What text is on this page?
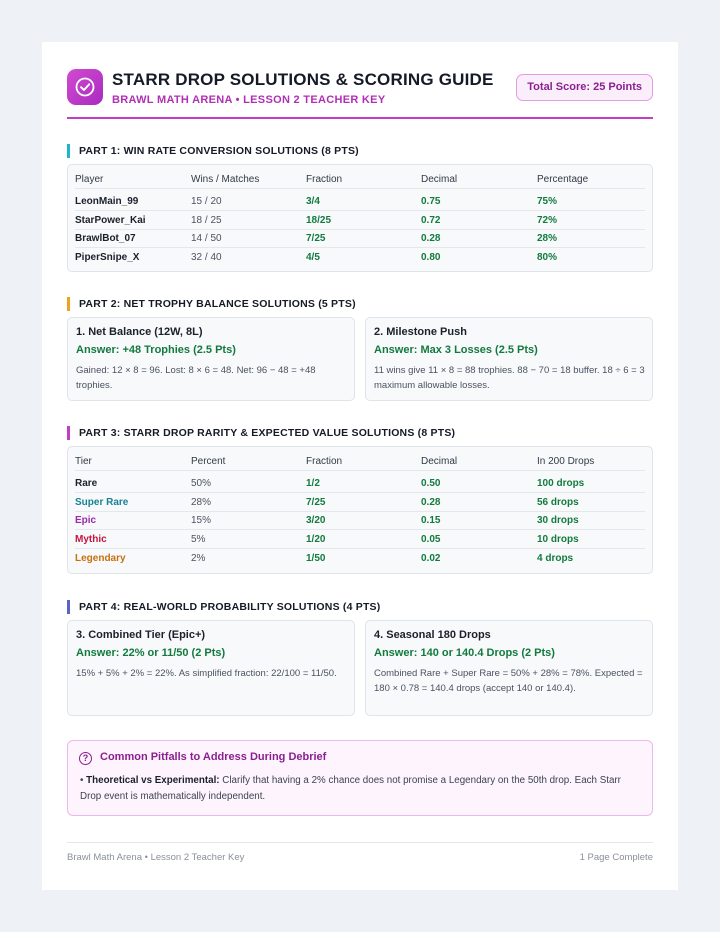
STARR DROP SOLUTIONS & SCORING GUIDE
BRAWL MATH ARENA • LESSON 2 TEACHER KEY
Total Score: 25 Points
PART 1: WIN RATE CONVERSION SOLUTIONS (8 PTS)
Player	Wins / Matches	Fraction	Decimal	Percentage
LeonMain_99	15 / 20	3/4	0.75	75%
StarPower_Kai	18 / 25	18/25	0.72	72%
BrawlBot_07	14 / 50	7/25	0.28	28%
PiperSnipe_X	32 / 40	4/5	0.80	80%
PART 2: NET TROPHY BALANCE SOLUTIONS (5 PTS)
1. Net Balance (12W, 8L)
Answer: +48 Trophies (2.5 Pts)
Gained: 12 × 8 = 96. Lost: 8 × 6 = 48. Net: 96 − 48 = +48 trophies.
2. Milestone Push
Answer: Max 3 Losses (2.5 Pts)
11 wins give 11 × 8 = 88 trophies. 88 − 70 = 18 buffer. 18 ÷ 6 = 3 maximum allowable losses.
PART 3: STARR DROP RARITY & EXPECTED VALUE SOLUTIONS (8 PTS)
Tier	Percent	Fraction	Decimal	In 200 Drops
Rare	50%	1/2	0.50	100 drops
Super Rare	28%	7/25	0.28	56 drops
Epic	15%	3/20	0.15	30 drops
Mythic	5%	1/20	0.05	10 drops
Legendary	2%	1/50	0.02	4 drops
PART 4: REAL-WORLD PROBABILITY SOLUTIONS (4 PTS)
3. Combined Tier (Epic+)
Answer: 22% or 11/50 (2 Pts)
15% + 5% + 2% = 22%. As simplified fraction: 22/100 = 11/50.
4. Seasonal 180 Drops
Answer: 140 or 140.4 Drops (2 Pts)
Combined Rare + Super Rare = 50% + 28% = 78%. Expected = 180 × 0.78 = 140.4 drops (accept 140 or 140.4).
?	Common Pitfalls to Address During Debrief
• Theoretical vs Experimental: Clarify that having a 2% chance does not promise a Legendary on the 50th drop. Each Starr Drop event is mathematically independent.
Brawl Math Arena • Lesson 2 Teacher Key	1 Page Complete
